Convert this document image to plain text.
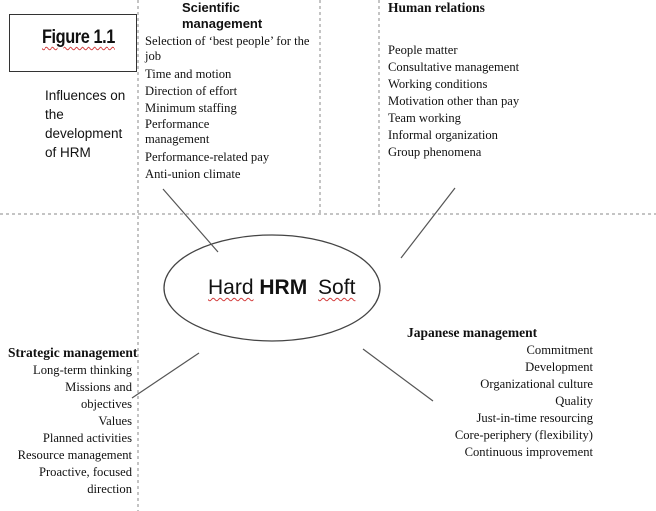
Figure 1.1
Influences on the development of HRM
Scientific
management
Selection of ‘best people’ for the job
Time and motion
Direction of effort
Minimum staffing
Performance management
Performance-related pay
Anti-union climate
Human relations
People matter
Consultative management
Working conditions
Motivation other than pay
Team working
Informal organization
Group phenomena
Hard HRM Soft
Strategic management
Long-term thinking
Missions and objectives
Values
Planned activities
Resource management
Proactive, focused direction
Japanese management
Commitment
Development
Organizational culture
Quality
Just-in-time resourcing
Core-periphery (flexibility)
Continuous improvement
